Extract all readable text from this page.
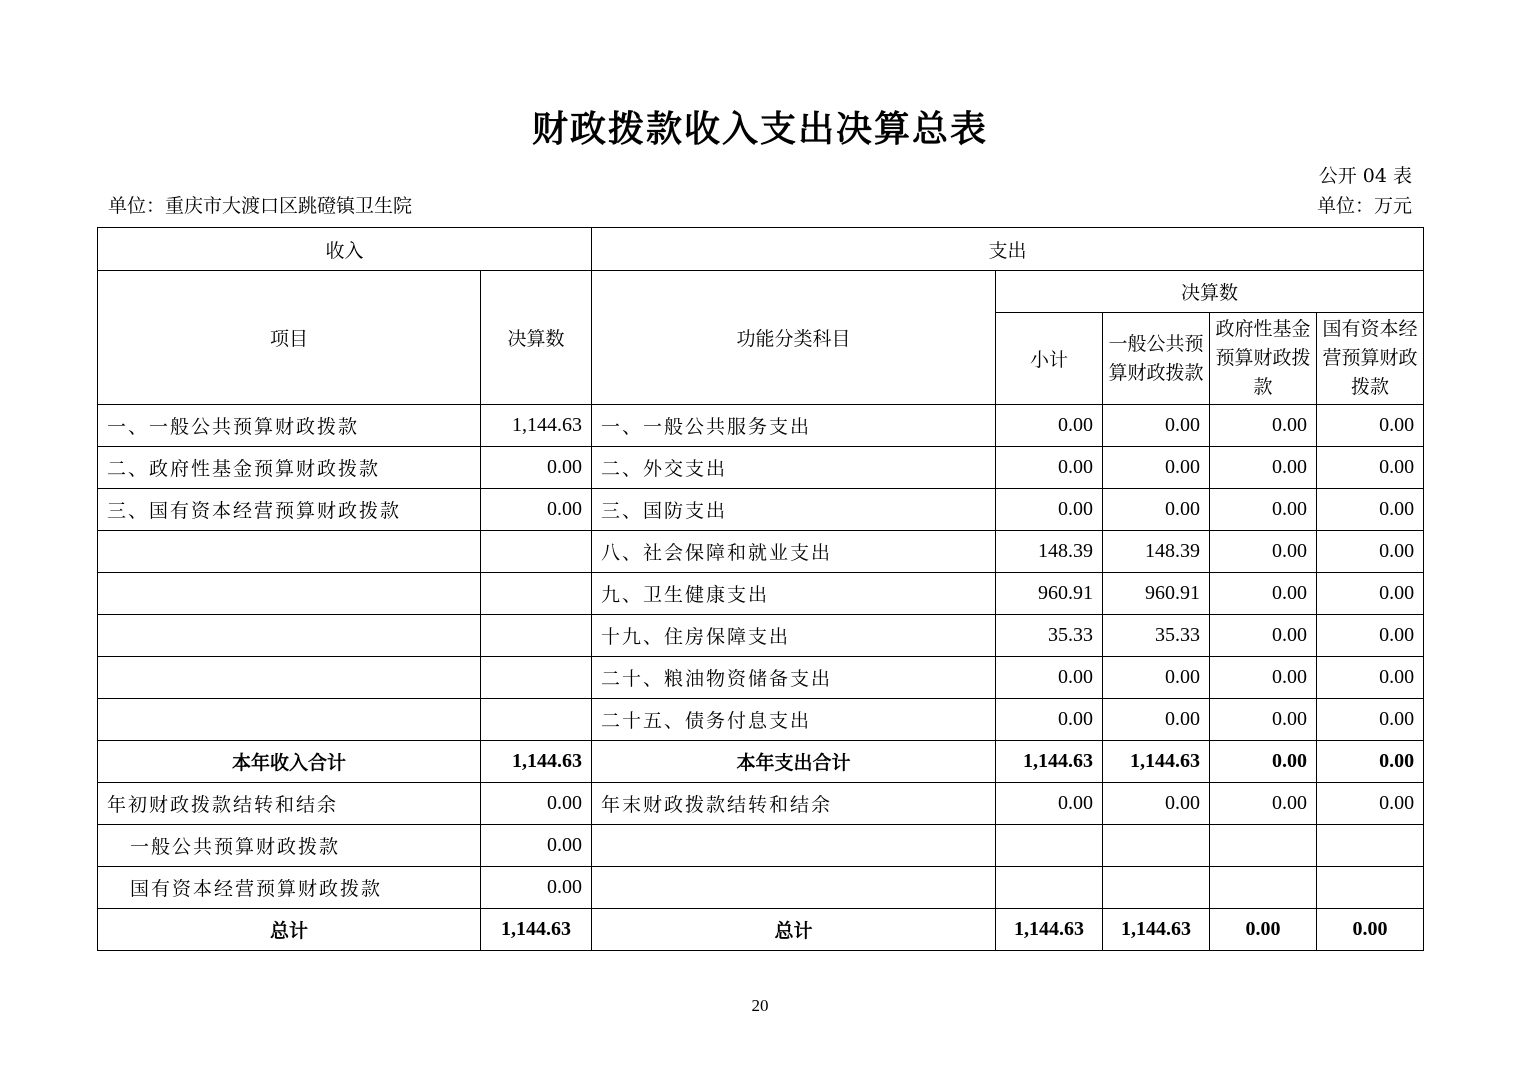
财政拨款收入支出决算总表
公开 04 表
单位：重庆市大渡口区跳磴镇卫生院	单位：万元
收入		支出				
项目	决算数	功能分类科目	决算数			
			小计	一般公共预算财政拨款	政府性基金预算财政拨款	国有资本经营预算财政拨款
一、一般公共预算财政拨款	1,144.63	一、一般公共服务支出	0.00	0.00	0.00	0.00
二、政府性基金预算财政拨款	0.00	二、外交支出	0.00	0.00	0.00	0.00
三、国有资本经营预算财政拨款	0.00	三、国防支出	0.00	0.00	0.00	0.00
		八、社会保障和就业支出	148.39	148.39	0.00	0.00
		九、卫生健康支出	960.91	960.91	0.00	0.00
		十九、住房保障支出	35.33	35.33	0.00	0.00
		二十、粮油物资储备支出	0.00	0.00	0.00	0.00
		二十五、债务付息支出	0.00	0.00	0.00	0.00
本年收入合计	1,144.63	本年支出合计	1,144.63	1,144.63	0.00	0.00
年初财政拨款结转和结余	0.00	年末财政拨款结转和结余	0.00	0.00	0.00	0.00
一般公共预算财政拨款	0.00					
国有资本经营预算财政拨款	0.00					
总计	1,144.63	总计	1,144.63	1,144.63	0.00	0.00
20
